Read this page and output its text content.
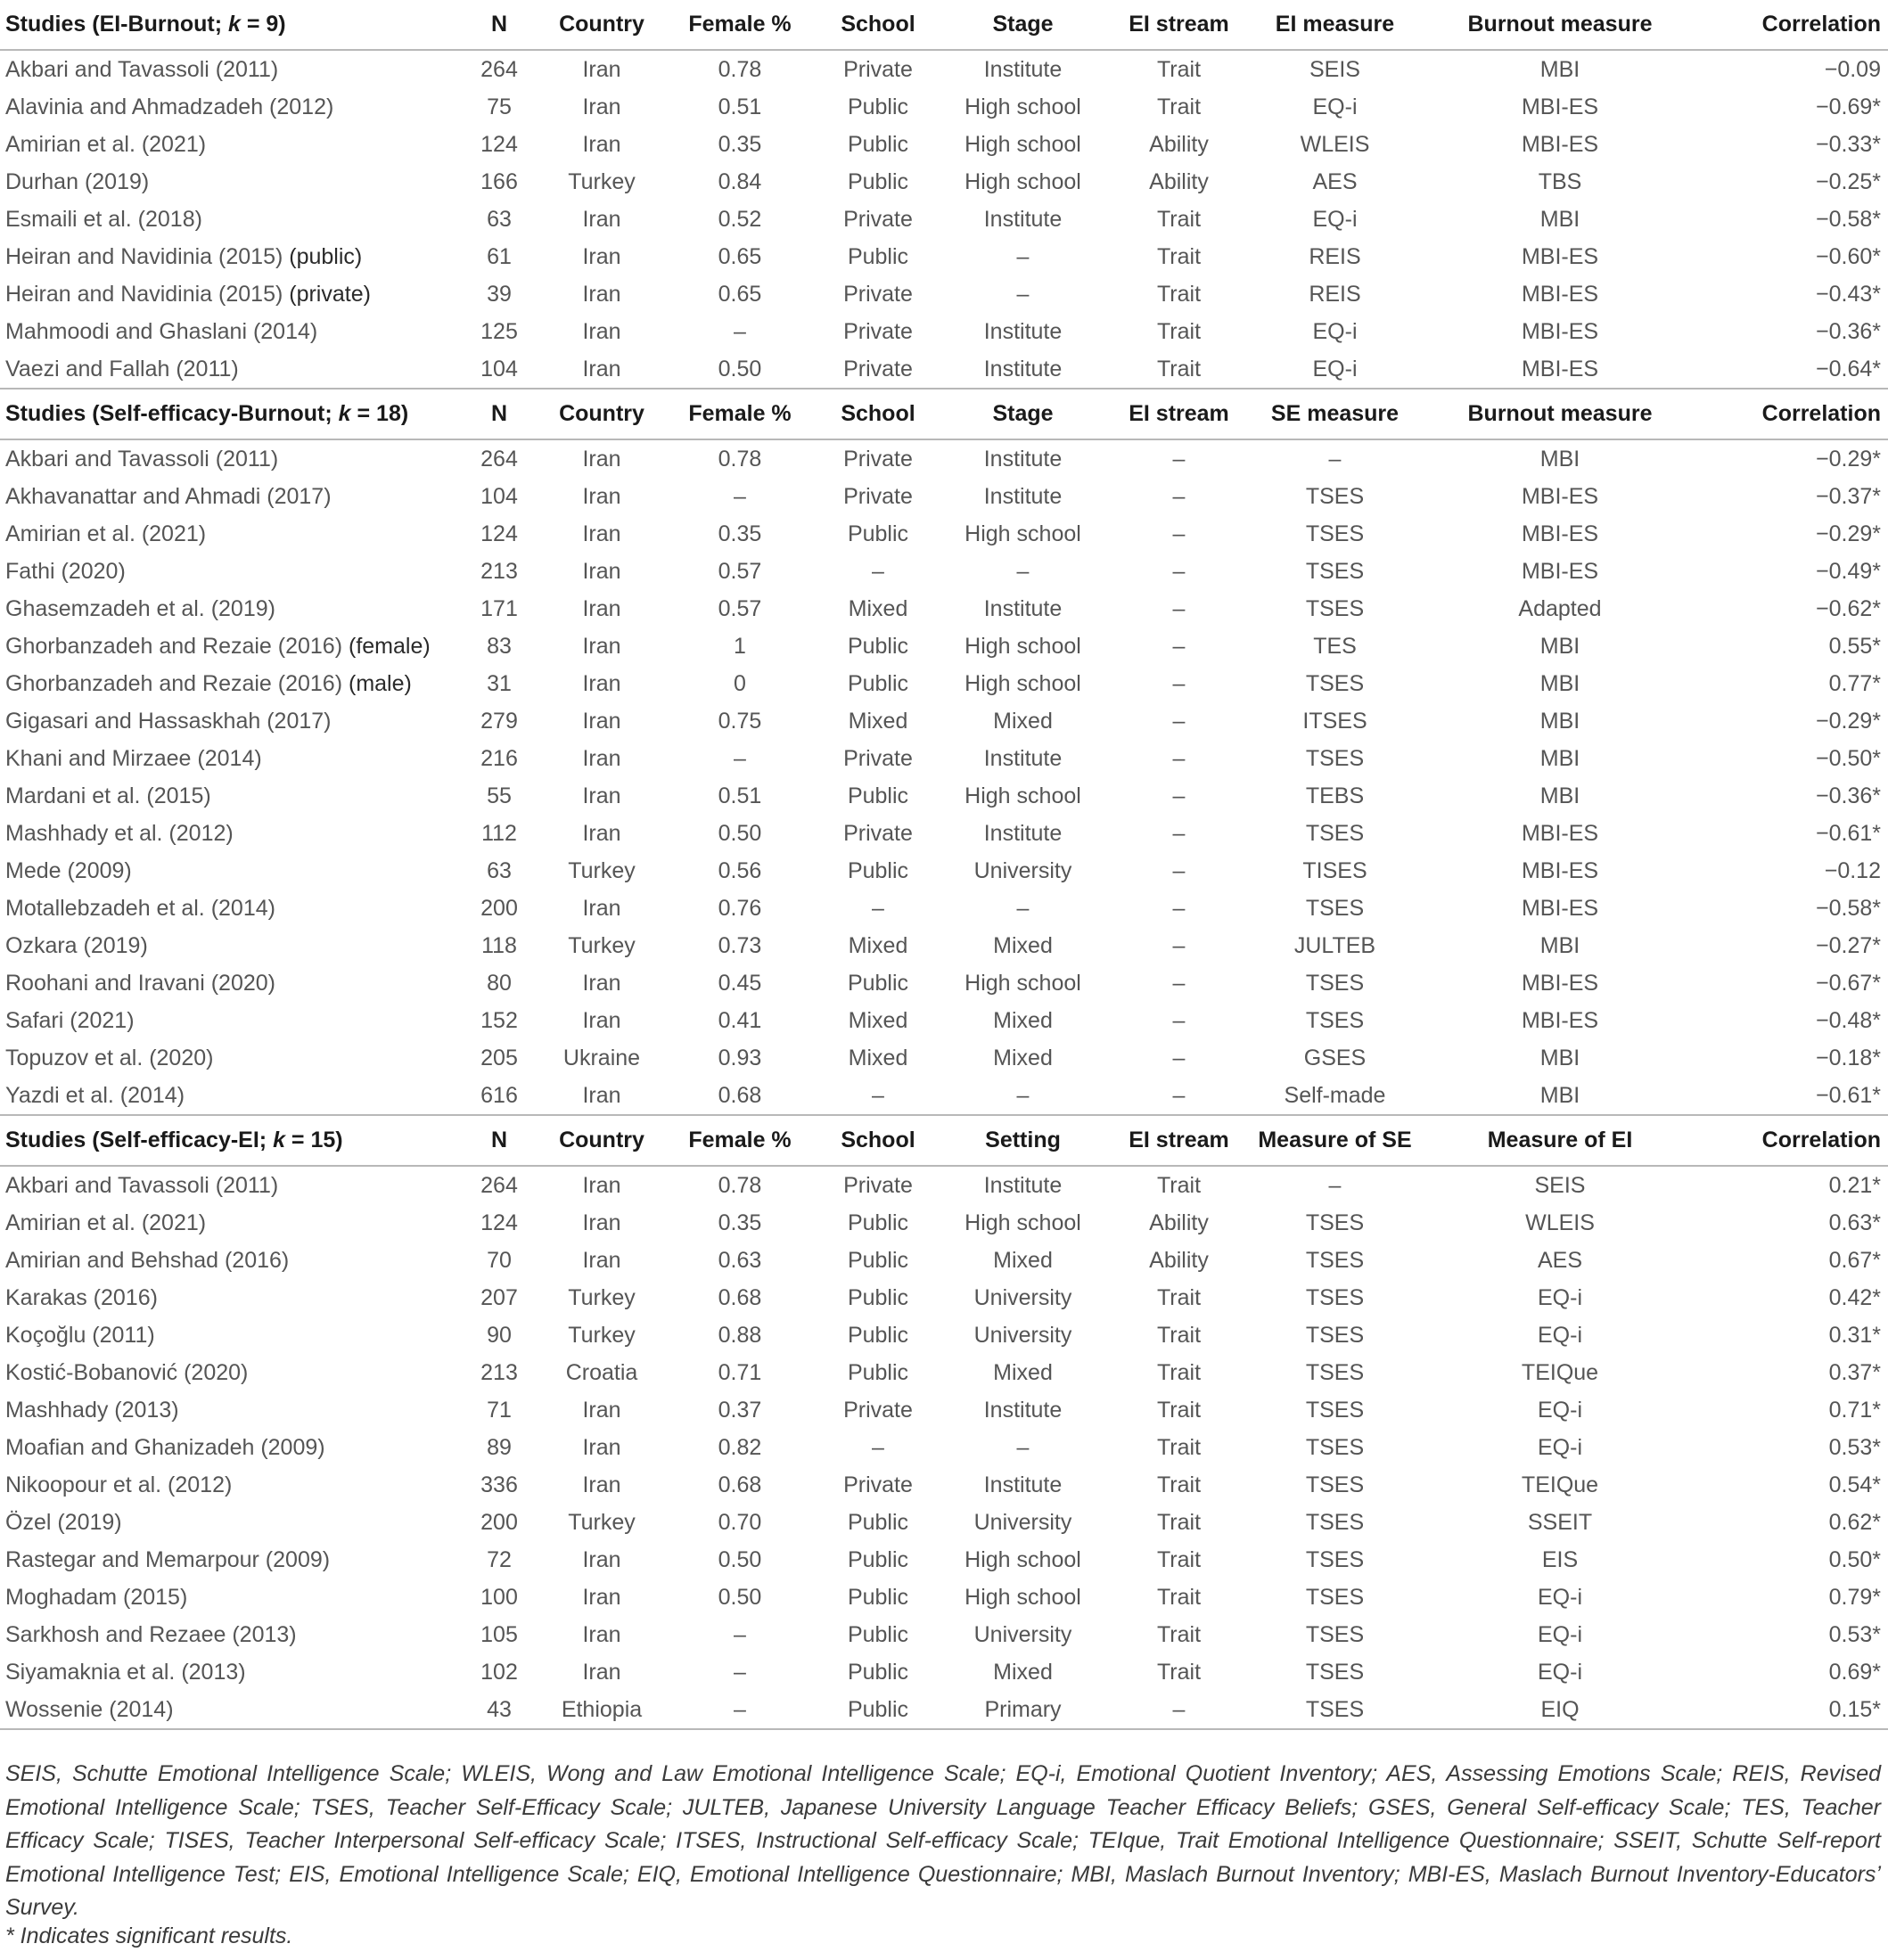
Studies (EI-Burnout; k = 9)	N	Country	Female %	School	Stage	EI stream	EI measure	Burnout measure	Correlation
Akbari and Tavassoli (2011)	264	Iran	0.78	Private	Institute	Trait	SEIS	MBI	−0.09
Alavinia and Ahmadzadeh (2012)	75	Iran	0.51	Public	High school	Trait	EQ-i	MBI-ES	−0.69*
Amirian et al. (2021)	124	Iran	0.35	Public	High school	Ability	WLEIS	MBI-ES	−0.33*
Durhan (2019)	166	Turkey	0.84	Public	High school	Ability	AES	TBS	−0.25*
Esmaili et al. (2018)	63	Iran	0.52	Private	Institute	Trait	EQ-i	MBI	−0.58*
Heiran and Navidinia (2015) (public)	61	Iran	0.65	Public	–	Trait	REIS	MBI-ES	−0.60*
Heiran and Navidinia (2015) (private)	39	Iran	0.65	Private	–	Trait	REIS	MBI-ES	−0.43*
Mahmoodi and Ghaslani (2014)	125	Iran	–	Private	Institute	Trait	EQ-i	MBI-ES	−0.36*
Vaezi and Fallah (2011)	104	Iran	0.50	Private	Institute	Trait	EQ-i	MBI-ES	−0.64*
Studies (Self-efficacy-Burnout; k = 18)	N	Country	Female %	School	Stage	EI stream	SE measure	Burnout measure	Correlation
Akbari and Tavassoli (2011)	264	Iran	0.78	Private	Institute	–	–	MBI	−0.29*
Akhavanattar and Ahmadi (2017)	104	Iran	–	Private	Institute	–	TSES	MBI-ES	−0.37*
Amirian et al. (2021)	124	Iran	0.35	Public	High school	–	TSES	MBI-ES	−0.29*
Fathi (2020)	213	Iran	0.57	–	–	–	TSES	MBI-ES	−0.49*
Ghasemzadeh et al. (2019)	171	Iran	0.57	Mixed	Institute	–	TSES	Adapted	−0.62*
Ghorbanzadeh and Rezaie (2016) (female)	83	Iran	1	Public	High school	–	TES	MBI	0.55*
Ghorbanzadeh and Rezaie (2016) (male)	31	Iran	0	Public	High school	–	TSES	MBI	0.77*
Gigasari and Hassaskhah (2017)	279	Iran	0.75	Mixed	Mixed	–	ITSES	MBI	−0.29*
Khani and Mirzaee (2014)	216	Iran	–	Private	Institute	–	TSES	MBI	−0.50*
Mardani et al. (2015)	55	Iran	0.51	Public	High school	–	TEBS	MBI	−0.36*
Mashhady et al. (2012)	112	Iran	0.50	Private	Institute	–	TSES	MBI-ES	−0.61*
Mede (2009)	63	Turkey	0.56	Public	University	–	TISES	MBI-ES	−0.12
Motallebzadeh et al. (2014)	200	Iran	0.76	–	–	–	TSES	MBI-ES	−0.58*
Ozkara (2019)	118	Turkey	0.73	Mixed	Mixed	–	JULTEB	MBI	−0.27*
Roohani and Iravani (2020)	80	Iran	0.45	Public	High school	–	TSES	MBI-ES	−0.67*
Safari (2021)	152	Iran	0.41	Mixed	Mixed	–	TSES	MBI-ES	−0.48*
Topuzov et al. (2020)	205	Ukraine	0.93	Mixed	Mixed	–	GSES	MBI	−0.18*
Yazdi et al. (2014)	616	Iran	0.68	–	–	–	Self-made	MBI	−0.61*
Studies (Self-efficacy-EI; k = 15)	N	Country	Female %	School	Setting	EI stream	Measure of SE	Measure of EI	Correlation
Akbari and Tavassoli (2011)	264	Iran	0.78	Private	Institute	Trait	–	SEIS	0.21*
Amirian et al. (2021)	124	Iran	0.35	Public	High school	Ability	TSES	WLEIS	0.63*
Amirian and Behshad (2016)	70	Iran	0.63	Public	Mixed	Ability	TSES	AES	0.67*
Karakas (2016)	207	Turkey	0.68	Public	University	Trait	TSES	EQ-i	0.42*
Koçoğlu (2011)	90	Turkey	0.88	Public	University	Trait	TSES	EQ-i	0.31*
Kostić-Bobanović (2020)	213	Croatia	0.71	Public	Mixed	Trait	TSES	TEIQue	0.37*
Mashhady (2013)	71	Iran	0.37	Private	Institute	Trait	TSES	EQ-i	0.71*
Moafian and Ghanizadeh (2009)	89	Iran	0.82	–	–	Trait	TSES	EQ-i	0.53*
Nikoopour et al. (2012)	336	Iran	0.68	Private	Institute	Trait	TSES	TEIQue	0.54*
Özel (2019)	200	Turkey	0.70	Public	University	Trait	TSES	SSEIT	0.62*
Rastegar and Memarpour (2009)	72	Iran	0.50	Public	High school	Trait	TSES	EIS	0.50*
Moghadam (2015)	100	Iran	0.50	Public	High school	Trait	TSES	EQ-i	0.79*
Sarkhosh and Rezaee (2013)	105	Iran	–	Public	University	Trait	TSES	EQ-i	0.53*
Siyamaknia et al. (2013)	102	Iran	–	Public	Mixed	Trait	TSES	EQ-i	0.69*
Wossenie (2014)	43	Ethiopia	–	Public	Primary	–	TSES	EIQ	0.15*
SEIS, Schutte Emotional Intelligence Scale; WLEIS, Wong and Law Emotional Intelligence Scale; EQ-i, Emotional Quotient Inventory; AES, Assessing Emotions Scale; REIS, Revised Emotional Intelligence Scale; TSES, Teacher Self-Efficacy Scale; JULTEB, Japanese University Language Teacher Efficacy Beliefs; GSES, General Self-efficacy Scale; TES, Teacher Efficacy Scale; TISES, Teacher Interpersonal Self-efficacy Scale; ITSES, Instructional Self-efficacy Scale; TEIque, Trait Emotional Intelligence Questionnaire; SSEIT, Schutte Self-report Emotional Intelligence Test; EIS, Emotional Intelligence Scale; EIQ, Emotional Intelligence Questionnaire; MBI, Maslach Burnout Inventory; MBI-ES, Maslach Burnout Inventory-Educators’ Survey.
* Indicates significant results.
